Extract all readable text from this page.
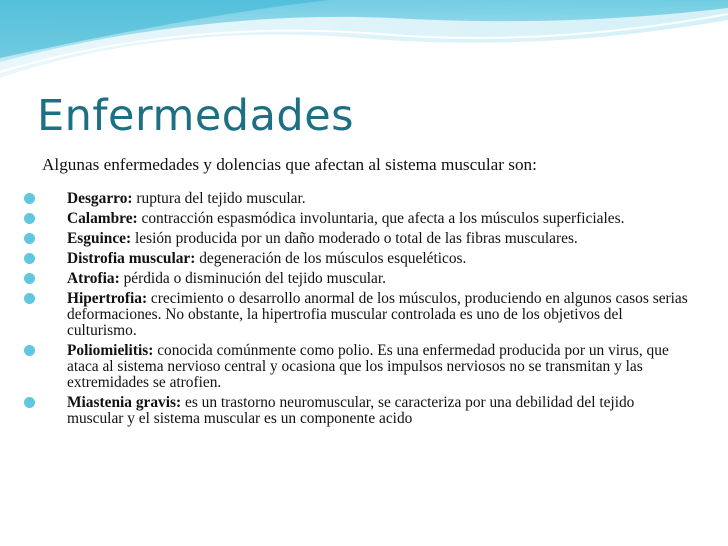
Enfermedades
Algunas enfermedades y dolencias que afectan al sistema muscular son:
Desgarro: ruptura del tejido muscular.
Calambre: contracción espasmódica involuntaria, que afecta a los músculos superficiales.
Esguince: lesión producida por un daño moderado o total de las fibras musculares.
Distrofia muscular: degeneración de los músculos esqueléticos.
Atrofia: pérdida o disminución del tejido muscular.
Hipertrofia: crecimiento o desarrollo anormal de los músculos, produciendo en algunos casos serias deformaciones. No obstante, la hipertrofia muscular controlada es uno de los objetivos del culturismo.
Poliomielitis: conocida comúnmente como polio. Es una enfermedad producida por un virus, que ataca al sistema nervioso central y ocasiona que los impulsos nerviosos no se transmitan y las extremidades se atrofien.
Miastenia gravis: es un trastorno neuromuscular, se caracteriza por una debilidad del tejido muscular y el sistema muscular es un componente acido
